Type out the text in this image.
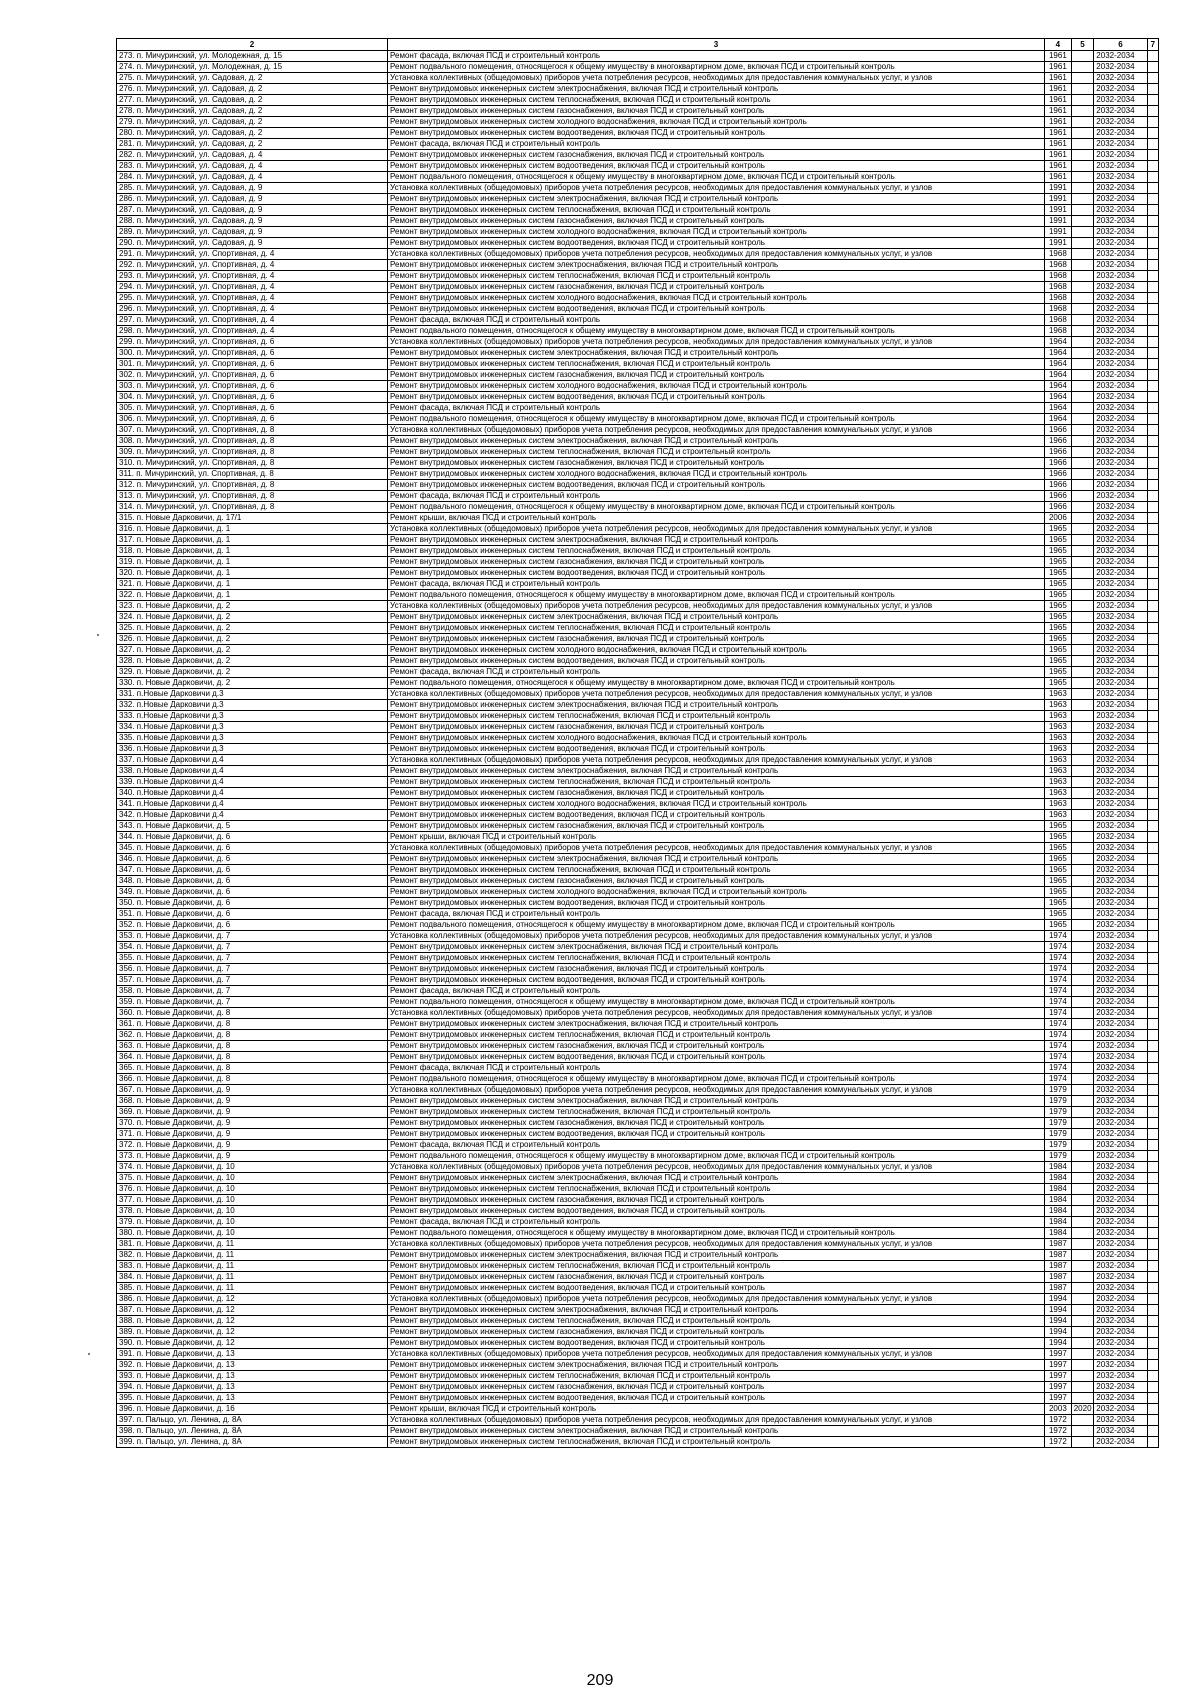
	2	3	4	5	6	7
273. п. Мичуринский, ул. Молодежная, д. 15	Ремонт фасада, включая ПСД и строительный контроль	1961		2032-2034	
274. п. Мичуринский, ул. Молодежная, д. 15	Ремонт подвального помещения, относящегося к общему имуществу в многоквартирном доме, включая ПСД и строительный контроль	1961		2032-2034	
275. п. Мичуринский, ул. Садовая, д. 2	Установка коллективных (общедомовых) приборов учета потребления ресурсов, необходимых для предоставления коммунальных услуг, и узлов	1961		2032-2034	
276. п. Мичуринский, ул. Садовая, д. 2	Ремонт внутридомовых инженерных систем электроснабжения, включая ПСД и строительный контроль	1961		2032-2034	
277. п. Мичуринский, ул. Садовая, д. 2	Ремонт внутридомовых инженерных систем теплоснабжения, включая ПСД и строительный контроль	1961		2032-2034	
278. п. Мичуринский, ул. Садовая, д. 2	Ремонт внутридомовых инженерных систем газоснабжения, включая ПСД и строительный контроль	1961		2032-2034	
279. п. Мичуринский, ул. Садовая, д. 2	Ремонт внутридомовых инженерных систем холодного водоснабжения, включая ПСД и строительный контроль	1961		2032-2034	
280. п. Мичуринский, ул. Садовая, д. 2	Ремонт внутридомовых инженерных систем водоотведения, включая ПСД и строительный контроль	1961		2032-2034	
281. п. Мичуринский, ул. Садовая, д. 2	Ремонт фасада, включая ПСД и строительный контроль	1961		2032-2034	
282. п. Мичуринский, ул. Садовая, д. 4	Ремонт внутридомовых инженерных систем газоснабжения, включая ПСД и строительный контроль	1961		2032-2034	
283. п. Мичуринский, ул. Садовая, д. 4	Ремонт внутридомовых инженерных систем водоотведения, включая ПСД и строительный контроль	1961		2032-2034	
284. п. Мичуринский, ул. Садовая, д. 4	Ремонт подвального помещения, относящегося к общему имуществу в многоквартирном доме, включая ПСД и строительный контроль	1961		2032-2034	
285. п. Мичуринский, ул. Садовая, д. 9	Установка коллективных (общедомовых) приборов учета потребления ресурсов, необходимых для предоставления коммунальных услуг, и узлов	1991		2032-2034	
286. п. Мичуринский, ул. Садовая, д. 9	Ремонт внутридомовых инженерных систем электроснабжения, включая ПСД и строительный контроль	1991		2032-2034	
287. п. Мичуринский, ул. Садовая, д. 9	Ремонт внутридомовых инженерных систем теплоснабжения, включая ПСД и строительный контроль	1991		2032-2034	
288. п. Мичуринский, ул. Садовая, д. 9	Ремонт внутридомовых инженерных систем газоснабжения, включая ПСД и строительный контроль	1991		2032-2034	
289. п. Мичуринский, ул. Садовая, д. 9	Ремонт внутридомовых инженерных систем холодного водоснабжения, включая ПСД и строительный контроль	1991		2032-2034	
290. п. Мичуринский, ул. Садовая, д. 9	Ремонт внутридомовых инженерных систем водоотведения, включая ПСД и строительный контроль	1991		2032-2034	
291. п. Мичуринский, ул. Спортивная, д. 4	Установка коллективных (общедомовых) приборов учета потребления ресурсов, необходимых для предоставления коммунальных услуг, и узлов	1968		2032-2034	
292. п. Мичуринский, ул. Спортивная, д. 4	Ремонт внутридомовых инженерных систем электроснабжения, включая ПСД и строительный контроль	1968		2032-2034	
293. п. Мичуринский, ул. Спортивная, д. 4	Ремонт внутридомовых инженерных систем теплоснабжения, включая ПСД и строительный контроль	1968		2032-2034	
294. п. Мичуринский, ул. Спортивная, д. 4	Ремонт внутридомовых инженерных систем газоснабжения, включая ПСД и строительный контроль	1968		2032-2034	
295. п. Мичуринский, ул. Спортивная, д. 4	Ремонт внутридомовых инженерных систем холодного водоснабжения, включая ПСД и строительный контроль	1968		2032-2034	
296. п. Мичуринский, ул. Спортивная, д. 4	Ремонт внутридомовых инженерных систем водоотведения, включая ПСД и строительный контроль	1968		2032-2034	
297. п. Мичуринский, ул. Спортивная, д. 4	Ремонт фасада, включая ПСД и строительный контроль	1968		2032-2034	
298. п. Мичуринский, ул. Спортивная, д. 4	Ремонт подвального помещения, относящегося к общему имуществу в многоквартирном доме, включая ПСД и строительный контроль	1968		2032-2034	
299. п. Мичуринский, ул. Спортивная, д. 6	Установка коллективных (общедомовых) приборов учета потребления ресурсов, необходимых для предоставления коммунальных услуг, и узлов	1964		2032-2034	
300. п. Мичуринский, ул. Спортивная, д. 6	Ремонт внутридомовых инженерных систем электроснабжения, включая ПСД и строительный контроль	1964		2032-2034	
301. п. Мичуринский, ул. Спортивная, д. 6	Ремонт внутридомовых инженерных систем теплоснабжения, включая ПСД и строительный контроль	1964		2032-2034	
302. п. Мичуринский, ул. Спортивная, д. 6	Ремонт внутридомовых инженерных систем газоснабжения, включая ПСД и строительный контроль	1964		2032-2034	
303. п. Мичуринский, ул. Спортивная, д. 6	Ремонт внутридомовых инженерных систем холодного водоснабжения, включая ПСД и строительный контроль	1964		2032-2034	
304. п. Мичуринский, ул. Спортивная, д. 6	Ремонт внутридомовых инженерных систем водоотведения, включая ПСД и строительный контроль	1964		2032-2034	
305. п. Мичуринский, ул. Спортивная, д. 6	Ремонт фасада, включая ПСД и строительный контроль	1964		2032-2034	
306. п. Мичуринский, ул. Спортивная, д. 6	Ремонт подвального помещения, относящегося к общему имуществу в многоквартирном доме, включая ПСД и строительный контроль	1964		2032-2034	
307. п. Мичуринский, ул. Спортивная, д. 8	Установка коллективных (общедомовых) приборов учета потребления ресурсов, необходимых для предоставления коммунальных услуг, и узлов	1966		2032-2034	
308. п. Мичуринский, ул. Спортивная, д. 8	Ремонт внутридомовых инженерных систем электроснабжения, включая ПСД и строительный контроль	1966		2032-2034	
309. п. Мичуринский, ул. Спортивная, д. 8	Ремонт внутридомовых инженерных систем теплоснабжения, включая ПСД и строительный контроль	1966		2032-2034	
310. п. Мичуринский, ул. Спортивная, д. 8	Ремонт внутридомовых инженерных систем газоснабжения, включая ПСД и строительный контроль	1966		2032-2034	
311. п. Мичуринский, ул. Спортивная, д. 8	Ремонт внутридомовых инженерных систем холодного водоснабжения, включая ПСД и строительный контроль	1966		2032-2034	
312. п. Мичуринский, ул. Спортивная, д. 8	Ремонт внутридомовых инженерных систем водоотведения, включая ПСД и строительный контроль	1966		2032-2034	
313. п. Мичуринский, ул. Спортивная, д. 8	Ремонт фасада, включая ПСД и строительный контроль	1966		2032-2034	
314. п. Мичуринский, ул. Спортивная, д. 8	Ремонт подвального помещения, относящегося к общему имуществу в многоквартирном доме, включая ПСД и строительный контроль	1966		2032-2034	
315. п. Новые Дарковичи, д. 17/1	Ремонт крыши, включая ПСД и строительный контроль	2006		2032-2034	
316. п. Новые Дарковичи, д. 1	Установка коллективных (общедомовых) приборов учета потребления ресурсов, необходимых для предоставления коммунальных услуг, и узлов	1965		2032-2034	
317. п. Новые Дарковичи, д. 1	Ремонт внутридомовых инженерных систем электроснабжения, включая ПСД и строительный контроль	1965		2032-2034	
318. п. Новые Дарковичи, д. 1	Ремонт внутридомовых инженерных систем теплоснабжения, включая ПСД и строительный контроль	1965		2032-2034	
319. п. Новые Дарковичи, д. 1	Ремонт внутридомовых инженерных систем газоснабжения, включая ПСД и строительный контроль	1965		2032-2034	
320. п. Новые Дарковичи, д. 1	Ремонт внутридомовых инженерных систем водоотведения, включая ПСД и строительный контроль	1965		2032-2034	
321. п. Новые Дарковичи, д. 1	Ремонт фасада, включая ПСД и строительный контроль	1965		2032-2034	
322. п. Новые Дарковичи, д. 1	Ремонт подвального помещения, относящегося к общему имуществу в многоквартирном доме, включая ПСД и строительный контроль	1965		2032-2034	
323. п. Новые Дарковичи, д. 2	Установка коллективных (общедомовых) приборов учета потребления ресурсов, необходимых для предоставления коммунальных услуг, и узлов	1965		2032-2034	
324. п. Новые Дарковичи, д. 2	Ремонт внутридомовых инженерных систем электроснабжения, включая ПСД и строительный контроль	1965		2032-2034	
325. п. Новые Дарковичи, д. 2	Ремонт внутридомовых инженерных систем теплоснабжения, включая ПСД и строительный контроль	1965		2032-2034	
326. п. Новые Дарковичи, д. 2	Ремонт внутридомовых инженерных систем газоснабжения, включая ПСД и строительный контроль	1965		2032-2034	
327. п. Новые Дарковичи, д. 2	Ремонт внутридомовых инженерных систем холодного водоснабжения, включая ПСД и строительный контроль	1965		2032-2034	
328. п. Новые Дарковичи, д. 2	Ремонт внутридомовых инженерных систем водоотведения, включая ПСД и строительный контроль	1965		2032-2034	
329. п. Новые Дарковичи, д. 2	Ремонт фасада, включая ПСД и строительный контроль	1965		2032-2034	
330. п. Новые Дарковичи, д. 2	Ремонт подвального помещения, относящегося к общему имуществу в многоквартирном доме, включая ПСД и строительный контроль	1965		2032-2034	
331. п.Новые Дарковичи д.3	Установка коллективных (общедомовых) приборов учета потребления ресурсов, необходимых для предоставления коммунальных услуг, и узлов	1963		2032-2034	
332. п.Новые Дарковичи д.3	Ремонт внутридомовых инженерных систем электроснабжения, включая ПСД и строительный контроль	1963		2032-2034	
333. п.Новые Дарковичи д.3	Ремонт внутридомовых инженерных систем теплоснабжения, включая ПСД и строительный контроль	1963		2032-2034	
334. п.Новые Дарковичи д.3	Ремонт внутридомовых инженерных систем газоснабжения, включая ПСД и строительный контроль	1963		2032-2034	
335. п.Новые Дарковичи д.3	Ремонт внутридомовых инженерных систем холодного водоснабжения, включая ПСД и строительный контроль	1963		2032-2034	
336. п.Новые Дарковичи д.3	Ремонт внутридомовых инженерных систем водоотведения, включая ПСД и строительный контроль	1963		2032-2034	
337. п.Новые Дарковичи д.4	Установка коллективных (общедомовых) приборов учета потребления ресурсов, необходимых для предоставления коммунальных услуг, и узлов	1963		2032-2034	
338. п.Новые Дарковичи д.4	Ремонт внутридомовых инженерных систем электроснабжения, включая ПСД и строительный контроль	1963		2032-2034	
339. п.Новые Дарковичи д.4	Ремонт внутридомовых инженерных систем теплоснабжения, включая ПСД и строительный контроль	1963		2032-2034	
340. п.Новые Дарковичи д.4	Ремонт внутридомовых инженерных систем газоснабжения, включая ПСД и строительный контроль	1963		2032-2034	
341. п.Новые Дарковичи д.4	Ремонт внутридомовых инженерных систем холодного водоснабжения, включая ПСД и строительный контроль	1963		2032-2034	
342. п.Новые Дарковичи д.4	Ремонт внутридомовых инженерных систем водоотведения, включая ПСД и строительный контроль	1963		2032-2034	
343. п. Новые Дарковичи, д. 5	Ремонт внутридомовых инженерных систем газоснабжения, включая ПСД и строительный контроль	1965		2032-2034	
344. п. Новые Дарковичи, д. 6	Ремонт крыши, включая ПСД и строительный контроль	1965		2032-2034	
345. п. Новые Дарковичи, д. 6	Установка коллективных (общедомовых) приборов учета потребления ресурсов, необходимых для предоставления коммунальных услуг, и узлов	1965		2032-2034	
346. п. Новые Дарковичи, д. 6	Ремонт внутридомовых инженерных систем электроснабжения, включая ПСД и строительный контроль	1965		2032-2034	
347. п. Новые Дарковичи, д. 6	Ремонт внутридомовых инженерных систем теплоснабжения, включая ПСД и строительный контроль	1965		2032-2034	
348. п. Новые Дарковичи, д. 6	Ремонт внутридомовых инженерных систем газоснабжения, включая ПСД и строительный контроль	1965		2032-2034	
349. п. Новые Дарковичи, д. 6	Ремонт внутридомовых инженерных систем холодного водоснабжения, включая ПСД и строительный контроль	1965		2032-2034	
350. п. Новые Дарковичи, д. 6	Ремонт внутридомовых инженерных систем водоотведения, включая ПСД и строительный контроль	1965		2032-2034	
351. п. Новые Дарковичи, д. 6	Ремонт фасада, включая ПСД и строительный контроль	1965		2032-2034	
352. п. Новые Дарковичи, д. 6	Ремонт подвального помещения, относящегося к общему имуществу в многоквартирном доме, включая ПСД и строительный контроль	1965		2032-2034	
353. п. Новые Дарковичи, д. 7	Установка коллективных (общедомовых) приборов учета потребления ресурсов, необходимых для предоставления коммунальных услуг, и узлов	1974		2032-2034	
354. п. Новые Дарковичи, д. 7	Ремонт внутридомовых инженерных систем электроснабжения, включая ПСД и строительный контроль	1974		2032-2034	
355. п. Новые Дарковичи, д. 7	Ремонт внутридомовых инженерных систем теплоснабжения, включая ПСД и строительный контроль	1974		2032-2034	
356. п. Новые Дарковичи, д. 7	Ремонт внутридомовых инженерных систем газоснабжения, включая ПСД и строительный контроль	1974		2032-2034	
357. п. Новые Дарковичи, д. 7	Ремонт внутридомовых инженерных систем водоотведения, включая ПСД и строительный контроль	1974		2032-2034	
358. п. Новые Дарковичи, д. 7	Ремонт фасада, включая ПСД и строительный контроль	1974		2032-2034	
359. п. Новые Дарковичи, д. 7	Ремонт подвального помещения, относящегося к общему имуществу в многоквартирном доме, включая ПСД и строительный контроль	1974		2032-2034	
360. п. Новые Дарковичи, д. 8	Установка коллективных (общедомовых) приборов учета потребления ресурсов, необходимых для предоставления коммунальных услуг, и узлов	1974		2032-2034	
361. п. Новые Дарковичи, д. 8	Ремонт внутридомовых инженерных систем электроснабжения, включая ПСД и строительный контроль	1974		2032-2034	
362. п. Новые Дарковичи, д. 8	Ремонт внутридомовых инженерных систем теплоснабжения, включая ПСД и строительный контроль	1974		2032-2034	
363. п. Новые Дарковичи, д. 8	Ремонт внутридомовых инженерных систем газоснабжения, включая ПСД и строительный контроль	1974		2032-2034	
364. п. Новые Дарковичи, д. 8	Ремонт внутридомовых инженерных систем водоотведения, включая ПСД и строительный контроль	1974		2032-2034	
365. п. Новые Дарковичи, д. 8	Ремонт фасада, включая ПСД и строительный контроль	1974		2032-2034	
366. п. Новые Дарковичи, д. 8	Ремонт подвального помещения, относящегося к общему имуществу в многоквартирном доме, включая ПСД и строительный контроль	1974		2032-2034	
367. п. Новые Дарковичи, д. 9	Установка коллективных (общедомовых) приборов учета потребления ресурсов, необходимых для предоставления коммунальных услуг, и узлов	1979		2032-2034	
368. п. Новые Дарковичи, д. 9	Ремонт внутридомовых инженерных систем электроснабжения, включая ПСД и строительный контроль	1979		2032-2034	
369. п. Новые Дарковичи, д. 9	Ремонт внутридомовых инженерных систем теплоснабжения, включая ПСД и строительный контроль	1979		2032-2034	
370. п. Новые Дарковичи, д. 9	Ремонт внутридомовых инженерных систем газоснабжения, включая ПСД и строительный контроль	1979		2032-2034	
371. п. Новые Дарковичи, д. 9	Ремонт внутридомовых инженерных систем водоотведения, включая ПСД и строительный контроль	1979		2032-2034	
372. п. Новые Дарковичи, д. 9	Ремонт фасада, включая ПСД и строительный контроль	1979		2032-2034	
373. п. Новые Дарковичи, д. 9	Ремонт подвального помещения, относящегося к общему имуществу в многоквартирном доме, включая ПСД и строительный контроль	1979		2032-2034	
374. п. Новые Дарковичи, д. 10	Установка коллективных (общедомовых) приборов учета потребления ресурсов, необходимых для предоставления коммунальных услуг, и узлов	1984		2032-2034	
375. п. Новые Дарковичи, д. 10	Ремонт внутридомовых инженерных систем электроснабжения, включая ПСД и строительный контроль	1984		2032-2034	
376. п. Новые Дарковичи, д. 10	Ремонт внутридомовых инженерных систем теплоснабжения, включая ПСД и строительный контроль	1984		2032-2034	
377. п. Новые Дарковичи, д. 10	Ремонт внутридомовых инженерных систем газоснабжения, включая ПСД и строительный контроль	1984		2032-2034	
378. п. Новые Дарковичи, д. 10	Ремонт внутридомовых инженерных систем водоотведения, включая ПСД и строительный контроль	1984		2032-2034	
379. п. Новые Дарковичи, д. 10	Ремонт фасада, включая ПСД и строительный контроль	1984		2032-2034	
380. п. Новые Дарковичи, д. 10	Ремонт подвального помещения, относящегося к общему имуществу в многоквартирном доме, включая ПСД и строительный контроль	1984		2032-2034	
381. п. Новые Дарковичи, д. 11	Установка коллективных (общедомовых) приборов учета потребления ресурсов, необходимых для предоставления коммунальных услуг, и узлов	1987		2032-2034	
382. п. Новые Дарковичи, д. 11	Ремонт внутридомовых инженерных систем электроснабжения, включая ПСД и строительный контроль	1987		2032-2034	
383. п. Новые Дарковичи, д. 11	Ремонт внутридомовых инженерных систем теплоснабжения, включая ПСД и строительный контроль	1987		2032-2034	
384. п. Новые Дарковичи, д. 11	Ремонт внутридомовых инженерных систем газоснабжения, включая ПСД и строительный контроль	1987		2032-2034	
385. п. Новые Дарковичи, д. 11	Ремонт внутридомовых инженерных систем водоотведения, включая ПСД и строительный контроль	1987		2032-2034	
386. п. Новые Дарковичи, д. 12	Установка коллективных (общедомовых) приборов учета потребления ресурсов, необходимых для предоставления коммунальных услуг, и узлов	1994		2032-2034	
387. п. Новые Дарковичи, д. 12	Ремонт внутридомовых инженерных систем электроснабжения, включая ПСД и строительный контроль	1994		2032-2034	
388. п. Новые Дарковичи, д. 12	Ремонт внутридомовых инженерных систем теплоснабжения, включая ПСД и строительный контроль	1994		2032-2034	
389. п. Новые Дарковичи, д. 12	Ремонт внутридомовых инженерных систем газоснабжения, включая ПСД и строительный контроль	1994		2032-2034	
390. п. Новые Дарковичи, д. 12	Ремонт внутридомовых инженерных систем водоотведения, включая ПСД и строительный контроль	1994		2032-2034	
391. п. Новые Дарковичи, д. 13	Установка коллективных (общедомовых) приборов учета потребления ресурсов, необходимых для предоставления коммунальных услуг, и узлов	1997		2032-2034	
392. п. Новые Дарковичи, д. 13	Ремонт внутридомовых инженерных систем электроснабжения, включая ПСД и строительный контроль	1997		2032-2034	
393. п. Новые Дарковичи, д. 13	Ремонт внутридомовых инженерных систем теплоснабжения, включая ПСД и строительный контроль	1997		2032-2034	
394. п. Новые Дарковичи, д. 13	Ремонт внутридомовых инженерных систем газоснабжения, включая ПСД и строительный контроль	1997		2032-2034	
395. п. Новые Дарковичи, д. 13	Ремонт внутридомовых инженерных систем водоотведения, включая ПСД и строительный контроль	1997		2032-2034	
396. п. Новые Дарковичи, д. 16	Ремонт крыши, включая ПСД и строительный контроль	2003	2020	2032-2034	
397. п. Пальцо, ул. Ленина, д. 8А	Установка коллективных (общедомовых) приборов учета потребления ресурсов, необходимых для предоставления коммунальных услуг, и узлов	1972		2032-2034	
398. п. Пальцо, ул. Ленина, д. 8А	Ремонт внутридомовых инженерных систем электроснабжения, включая ПСД и строительный контроль	1972		2032-2034	
399. п. Пальцо, ул. Ленина, д. 8А	Ремонт внутридомовых инженерных систем теплоснабжения, включая ПСД и строительный контроль	1972		2032-2034	
209
